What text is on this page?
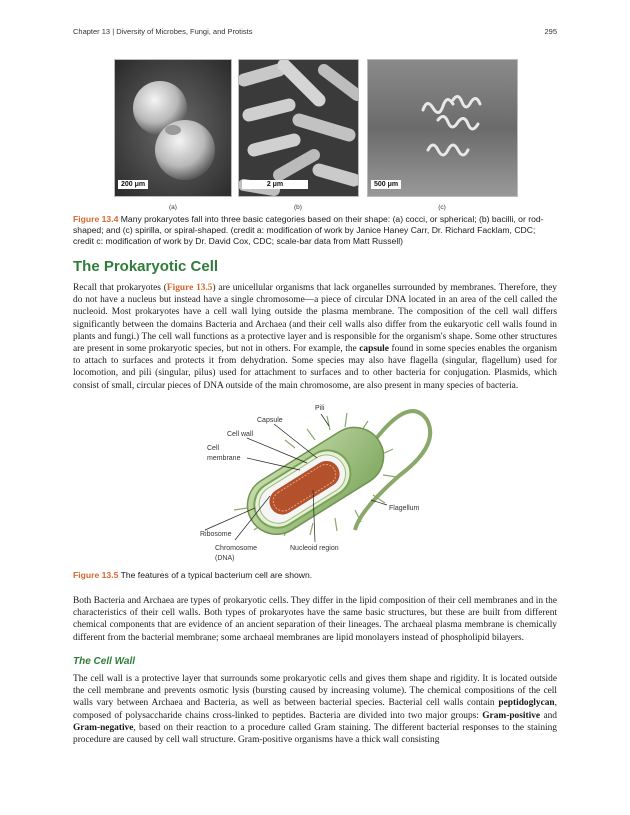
Chapter 13 | Diversity of Microbes, Fungi, and Protists	295
200 μm	2 μm	500 μm
(a)	(b)	(c)

Figure 13.4 Many prokaryotes fall into three basic categories based on their shape: (a) cocci, or spherical; (b) bacilli, or rod-shaped; and (c) spirilla, or spiral-shaped. (credit a: modification of work by Janice Haney Carr, Dr. Richard Facklam, CDC; credit c: modification of work by Dr. David Cox, CDC; scale-bar data from Matt Russell)

The Prokaryotic Cell

Recall that prokaryotes (Figure 13.5) are unicellular organisms that lack organelles surrounded by membranes. Therefore, they do not have a nucleus but instead have a single chromosome—a piece of circular DNA located in an area of the cell called the nucleoid. Most prokaryotes have a cell wall lying outside the plasma membrane. The composition of the cell wall differs significantly between the domains Bacteria and Archaea (and their cell walls also differ from the eukaryotic cell walls found in plants and fungi.) The cell wall functions as a protective layer and is responsible for the organism's shape. Some other structures are present in some prokaryotic species, but not in others. For example, the capsule found in some species enables the organism to attach to surfaces and protects it from dehydration. Some species may also have flagella (singular, flagellum) used for locomotion, and pili (singular, pilus) used for attachment to surfaces and to other bacteria for conjugation. Plasmids, which consist of small, circular pieces of DNA outside of the main chromosome, are also present in many species of bacteria.

Pili
Capsule
Cell wall
Cell
membrane
Flagellum
Ribosome
Chromosome
(DNA)
Nucleoid region

Figure 13.5 The features of a typical bacterium cell are shown.

Both Bacteria and Archaea are types of prokaryotic cells. They differ in the lipid composition of their cell membranes and in the characteristics of their cell walls. Both types of prokaryotes have the same basic structures, but these are built from different chemical components that are evidence of an ancient separation of their lineages. The archaeal plasma membrane is chemically different from the bacterial membrane; some archaeal membranes are lipid monolayers instead of phospholipid bilayers.

The Cell Wall

The cell wall is a protective layer that surrounds some prokaryotic cells and gives them shape and rigidity. It is located outside the cell membrane and prevents osmotic lysis (bursting caused by increasing volume). The chemical compositions of the cell walls vary between Archaea and Bacteria, as well as between bacterial species. Bacterial cell walls contain peptidoglycan, composed of polysaccharide chains cross-linked to peptides. Bacteria are divided into two major groups: Gram-positive and Gram-negative, based on their reaction to a procedure called Gram staining. The different bacterial responses to the staining procedure are caused by cell wall structure. Gram-positive organisms have a thick wall consisting
